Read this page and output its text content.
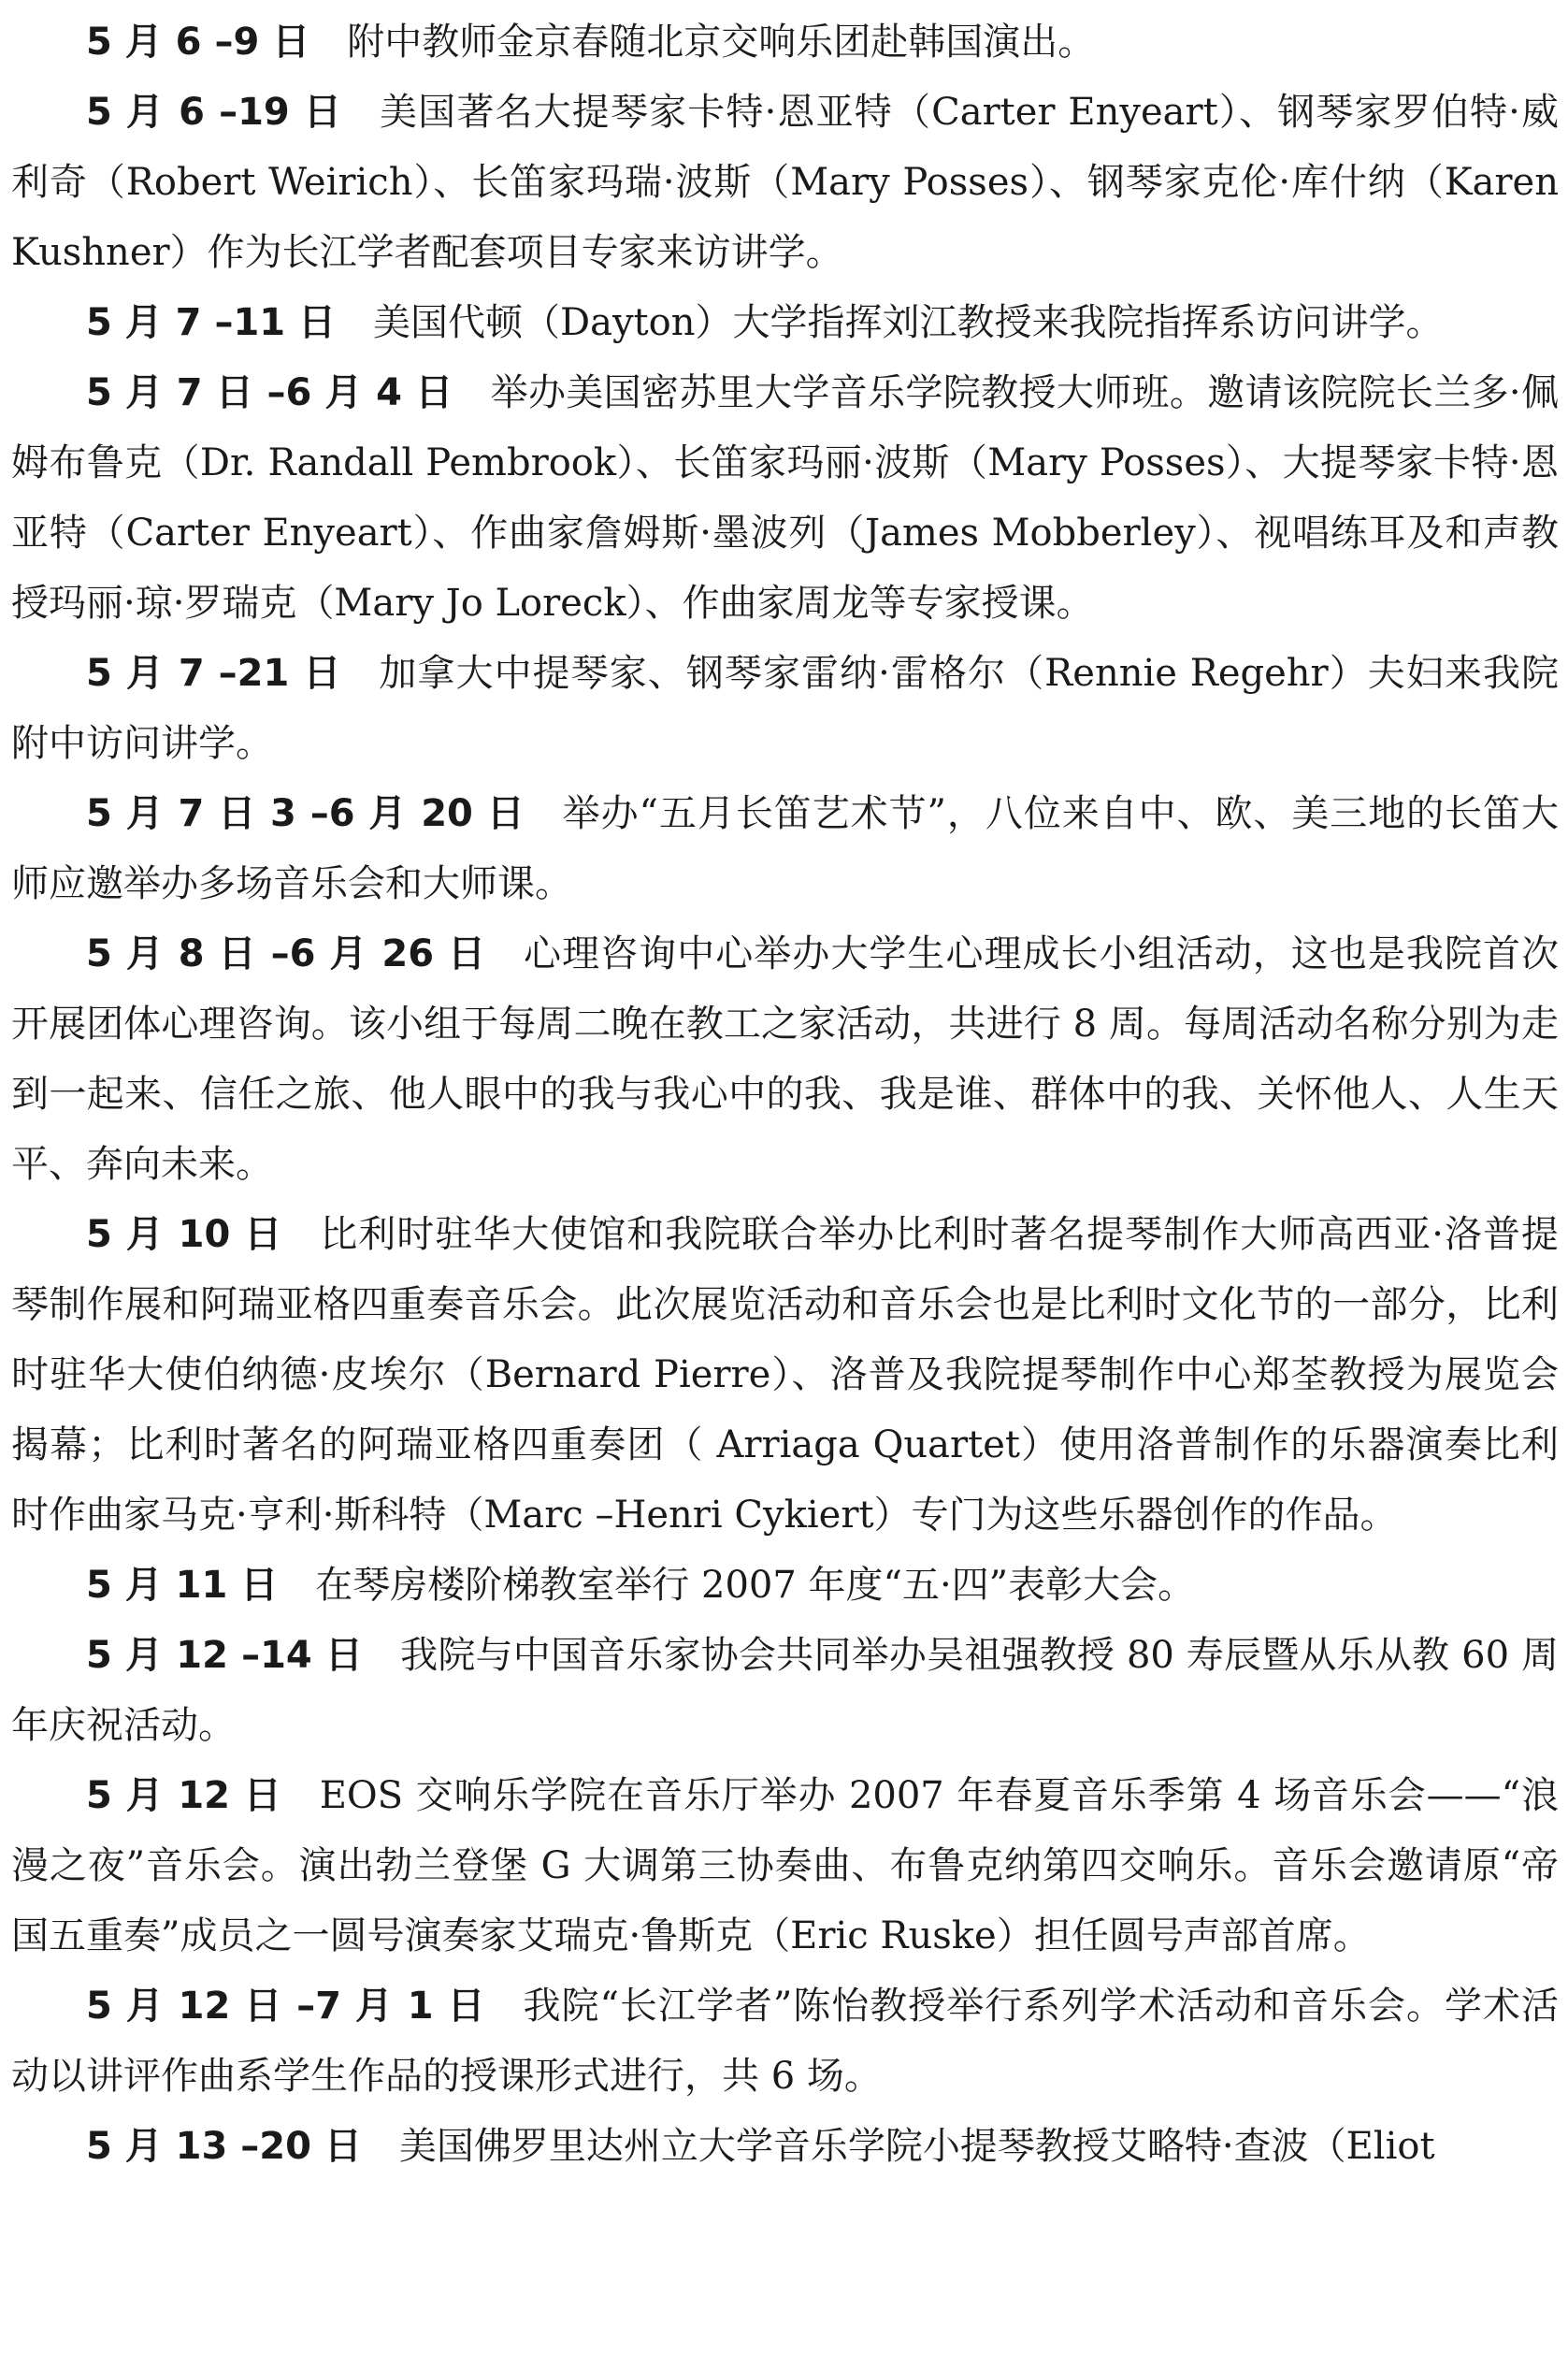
5 月 6 –9 日 附中教师金京春随北京交响乐团赴韩国演出。

5 月 6 –19 日 美国著名大提琴家卡特·恩亚特（Carter Enyeart）、钢琴家罗伯特·威利奇（Robert Weirich）、长笛家玛瑞·波斯（Mary Posses）、钢琴家克伦·库什纳（Karen Kushner）作为长江学者配套项目专家来访讲学。

5 月 7 –11 日 美国代顿（Dayton）大学指挥刘江教授来我院指挥系访问讲学。

5 月 7 日 –6 月 4 日 举办美国密苏里大学音乐学院教授大师班。邀请该院院长兰多·佩姆布鲁克（Dr. Randall Pembrook）、长笛家玛丽·波斯（Mary Posses）、大提琴家卡特·恩亚特（Carter Enyeart）、作曲家詹姆斯·墨波列（James Mobberley）、视唱练耳及和声教授玛丽·琼·罗瑞克（Mary Jo Loreck）、作曲家周龙等专家授课。

5 月 7 –21 日 加拿大中提琴家、钢琴家雷纳·雷格尔（Rennie Regehr）夫妇来我院附中访问讲学。

5 月 7 日 3 –6 月 20 日 举办“五月长笛艺术节”，八位来自中、欧、美三地的长笛大师应邀举办多场音乐会和大师课。

5 月 8 日 –6 月 26 日 心理咨询中心举办大学生心理成长小组活动，这也是我院首次开展团体心理咨询。该小组于每周二晚在教工之家活动，共进行 8 周。每周活动名称分别为走到一起来、信任之旅、他人眼中的我与我心中的我、我是谁、群体中的我、关怀他人、人生天平、奔向未来。

5 月 10 日 比利时驻华大使馆和我院联合举办比利时著名提琴制作大师高西亚·洛普提琴制作展和阿瑞亚格四重奏音乐会。此次展览活动和音乐会也是比利时文化节的一部分，比利时驻华大使伯纳德·皮埃尔（Bernard Pierre）、洛普及我院提琴制作中心郑荃教授为展览会揭幕；比利时著名的阿瑞亚格四重奏团（ Arriaga Quartet）使用洛普制作的乐器演奏比利时作曲家马克·亨利·斯科特（Marc –Henri Cykiert）专门为这些乐器创作的作品。

5 月 11 日 在琴房楼阶梯教室举行 2007 年度“五·四”表彰大会。

5 月 12 –14 日 我院与中国音乐家协会共同举办吴祖强教授 80 寿辰暨从乐从教 60 周年庆祝活动。

5 月 12 日 EOS 交响乐学院在音乐厅举办 2007 年春夏音乐季第 4 场音乐会——“浪漫之夜”音乐会。演出勃兰登堡 G 大调第三协奏曲、布鲁克纳第四交响乐。音乐会邀请原“帝国五重奏”成员之一圆号演奏家艾瑞克·鲁斯克（Eric Ruske）担任圆号声部首席。

5 月 12 日 –7 月 1 日 我院“长江学者”陈怡教授举行系列学术活动和音乐会。学术活动以讲评作曲系学生作品的授课形式进行，共 6 场。

5 月 13 –20 日 美国佛罗里达州立大学音乐学院小提琴教授艾略特·查波（Eliot
